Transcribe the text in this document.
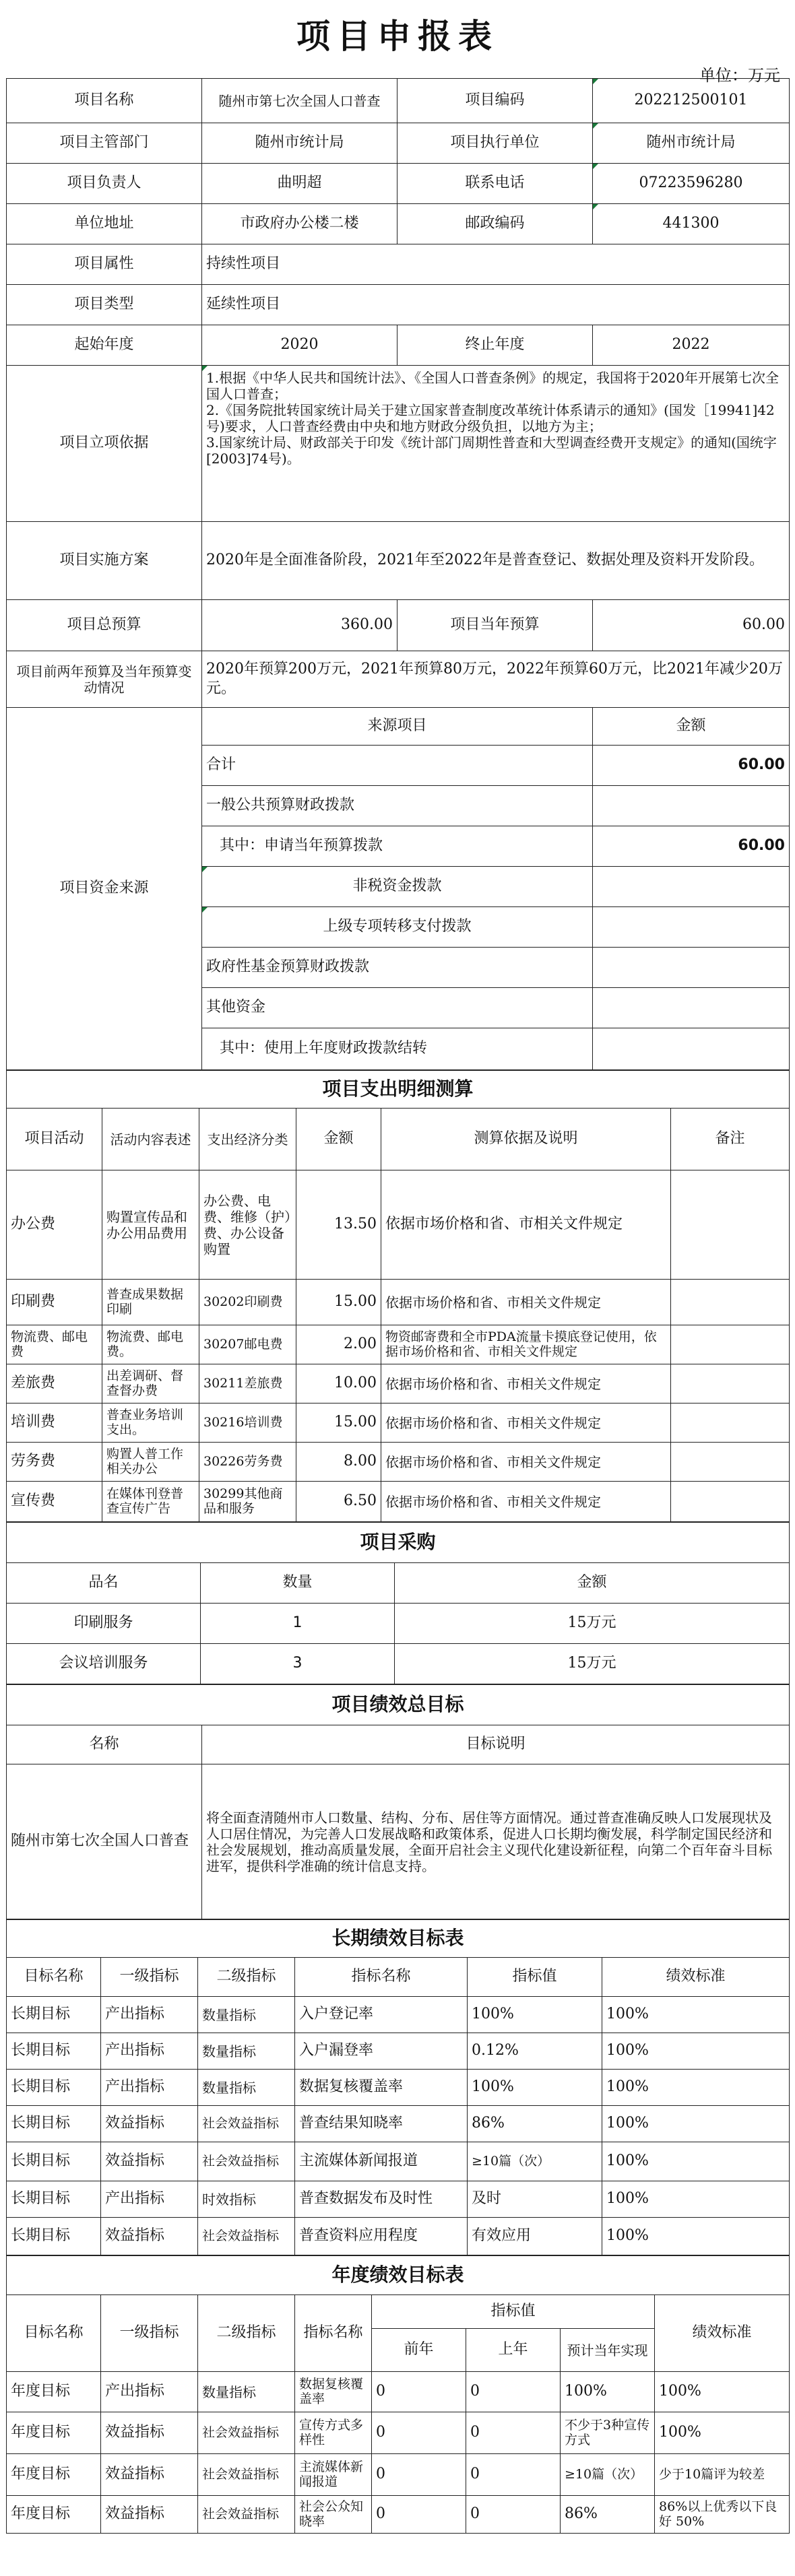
项目申报表
单位：万元
项目名称	随州市第七次全国人口普查	项目编码	202212500101
项目主管部门	随州市统计局	项目执行单位	随州市统计局
项目负责人	曲明超	联系电话	07223596280
单位地址	市政府办公楼二楼	邮政编码	441300
项目属性	持续性项目		
项目类型	延续性项目		
起始年度	2020	终止年度	2022
项目立项依据	1.根据《中华人民共和国统计法》、《全国人口普查条例》的规定，我国将于2020年开展第七次全国人口普查；
2.《国务院批转国家统计局关于建立国家普查制度改革统计体系请示的通知》(国发［19941]42号)要求，人口普查经费由中央和地方财政分级负担，以地方为主；
3.国家统计局、财政部关于印发《统计部门周期性普查和大型调查经费开支规定》的通知(国统字[2003]74号)。		
项目实施方案	2020年是全面准备阶段，2021年至2022年是普查登记、数据处理及资料开发阶段。		
项目总预算	360.00	项目当年预算	60.00
项目前两年预算及当年预算变动情况	2020年预算200万元，2021年预算80万元，2022年预算60万元，比2021年减少20万元。		
项目资金来源	来源项目		金额
	合计		60.00
	一般公共预算财政拨款		
	其中：申请当年预算拨款		60.00
	非税资金拨款		
	上级专项转移支付拨款		
	政府性基金预算财政拨款		
	其他资金		
	其中：使用上年度财政拨款结转		
项目支出明细测算					
项目活动	活动内容表述	支出经济分类	金额	测算依据及说明	备注
办公费	购置宣传品和办公用品费用	办公费、电费、维修（护）费、办公设备购置	13.50	依据市场价格和省、市相关文件规定	
印刷费	普查成果数据印刷	30202印刷费	15.00	依据市场价格和省、市相关文件规定	
物流费、邮电费	物流费、邮电费。	30207邮电费	2.00	物资邮寄费和全市PDA流量卡摸底登记使用，依据市场价格和省、市相关文件规定	
差旅费	出差调研、督查督办费	30211差旅费	10.00	依据市场价格和省、市相关文件规定	
培训费	普查业务培训支出。	30216培训费	15.00	依据市场价格和省、市相关文件规定	
劳务费	购置人普工作相关办公	30226劳务费	8.00	依据市场价格和省、市相关文件规定	
宣传费	在媒体刊登普查宣传广告	30299其他商品和服务	6.50	依据市场价格和省、市相关文件规定	
项目采购		
品名	数量	金额
印刷服务	1	15万元
会议培训服务	3	15万元
项目绩效总目标	
名称	目标说明
随州市第七次全国人口普查	将全面查清随州市人口数量、结构、分布、居住等方面情况。通过普查准确反映人口发展现状及人口居住情况，为完善人口发展战略和政策体系，促进人口长期均衡发展，科学制定国民经济和社会发展规划，推动高质量发展，全面开启社会主义现代化建设新征程，向第二个百年奋斗目标进军，提供科学准确的统计信息支持。
长期绩效目标表					
目标名称	一级指标	二级指标	指标名称	指标值	绩效标准
长期目标	产出指标	数量指标	入户登记率	100%	100%
长期目标	产出指标	数量指标	入户漏登率	0.12%	100%
长期目标	产出指标	数量指标	数据复核覆盖率	100%	100%
长期目标	效益指标	社会效益指标	普查结果知晓率	86%	100%
长期目标	效益指标	社会效益指标	主流媒体新闻报道	≥10篇（次）	100%
长期目标	产出指标	时效指标	普查数据发布及时性	及时	100%
长期目标	效益指标	社会效益指标	普查资料应用程度	有效应用	100%
年度绩效目标表							
目标名称	一级指标	二级指标	指标名称	指标值			绩效标准
				前年	上年	预计当年实现	
年度目标	产出指标	数量指标	数据复核覆盖率	0	0	100%	100%
年度目标	效益指标	社会效益指标	宣传方式多样性	0	0	不少于3种宣传方式	100%
年度目标	效益指标	社会效益指标	主流媒体新闻报道	0	0	≥10篇（次）	少于10篇评为较差
年度目标	效益指标	社会效益指标	社会公众知晓率	0	0	86%	86%以上优秀以下良好 50%
